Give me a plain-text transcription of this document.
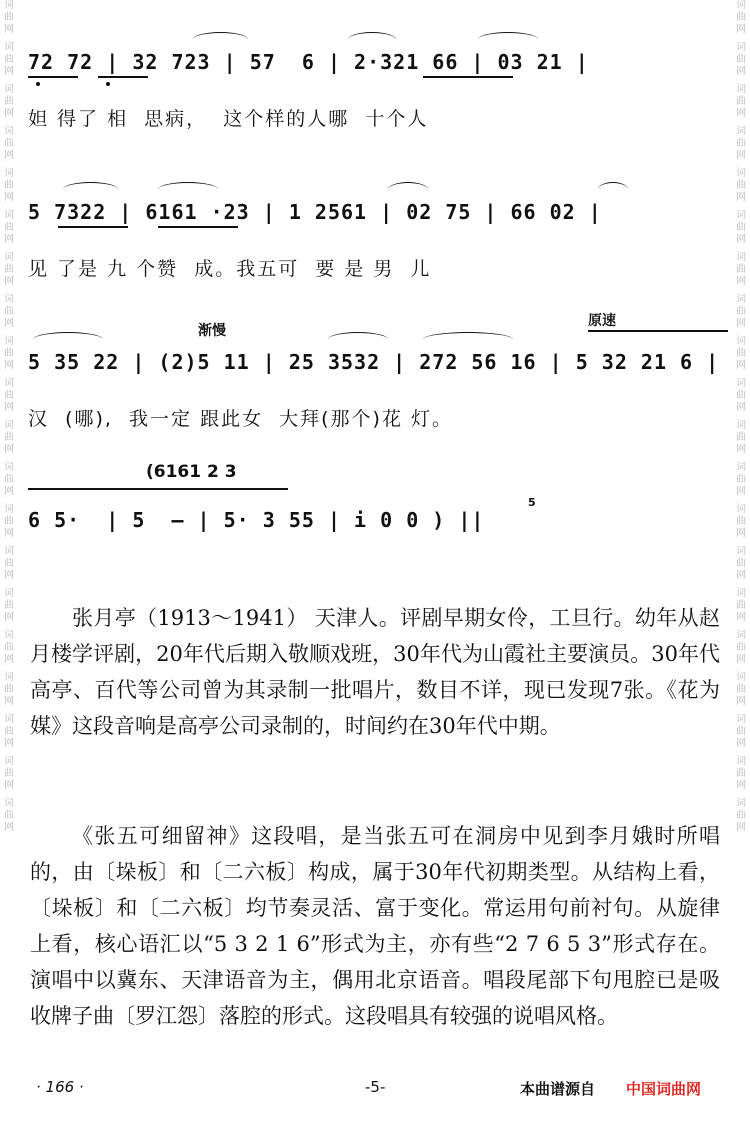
词
曲
网
词
曲
网
词
曲
网
词
曲
网
词
曲
网
词
曲
网
词
曲
网
词
曲
网
词
曲
网
词
曲
网
词
曲
网
词
曲
网
词
曲
网
词
曲
网
词
曲
网
词
曲
网
词
曲
网
词
曲
网
词
曲
网
词
曲
网
词
曲
网
词
曲
网
词
曲
网
词
曲
网
词
曲
网
词
曲
网
词
曲
网
词
曲
网
词
曲
网
词
曲
网
词
曲
网
词
曲
网
词
曲
网
词
曲
网
词
曲
网
词
曲
网
词
曲
网
词
曲
网
词
曲
网
词
曲
网
72 72 | 32 723 | 57  6 | 2·321 66 | 03 21 |
妲 得了 相  思病，  这个样的人哪  十个人
5 7322 | 6161 ·23 | 1 2561 | 02 75 | 66 02 |
见 了是 九 个赞  成。我五可  要 是 男  儿
渐慢
原速
5 35 22 | (2)5 11 | 25 3532 | 272 56 16 | 5 32 21 6 |
汉  (哪),  我一定 跟此女  大拜(那个)花 灯。
(6161 2 3
6 5·  | 5  — | 5· 3 55 | i 0 0 ) ||
5
张月亭（1913～1941） 天津人。评剧早期女伶，工旦行。幼年从赵月楼学评剧，20年代后期入敬顺戏班，30年代为山霞社主要演员。30年代高亭、百代等公司曾为其录制一批唱片，数目不详，现已发现7张。《花为媒》这段音响是高亭公司录制的，时间约在30年代中期。
《张五可细留神》这段唱，是当张五可在洞房中见到李月娥时所唱的，由〔垛板〕和〔二六板〕构成，属于30年代初期类型。从结构上看，〔垛板〕和〔二六板〕均节奏灵活、富于变化。常运用句前衬句。从旋律上看，核心语汇以“5 3 2 1 6”形式为主，亦有些“2 7 6 5 3”形式存在。演唱中以冀东、天津语音为主，偶用北京语音。唱段尾部下句甩腔已是吸收牌子曲〔罗江怨〕落腔的形式。这段唱具有较强的说唱风格。
· 166 ·	-5-	本曲谱源自 中国词曲网
